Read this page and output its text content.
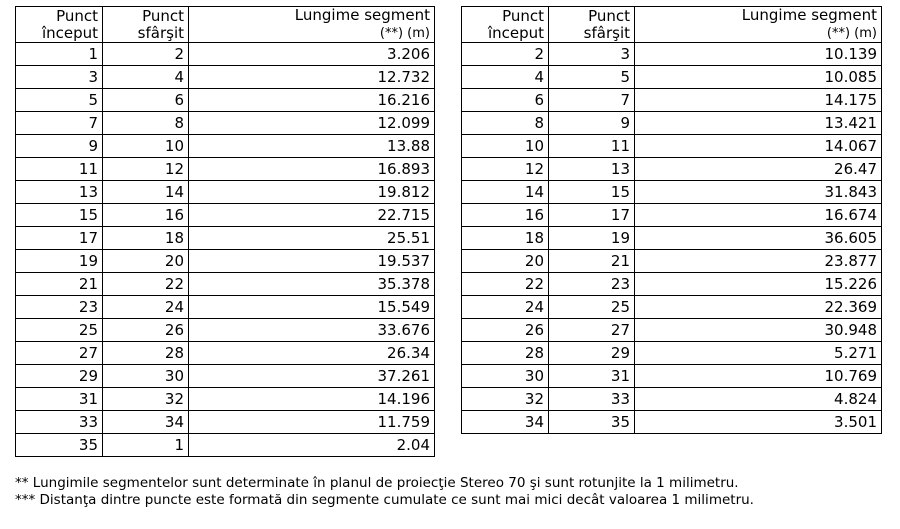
Punct
început	Punct
sfârşit	Lungime segment
(**) (m)
1	2	3.206
3	4	12.732
5	6	16.216
7	8	12.099
9	10	13.88
11	12	16.893
13	14	19.812
15	16	22.715
17	18	25.51
19	20	19.537
21	22	35.378
23	24	15.549
25	26	33.676
27	28	26.34
29	30	37.261
31	32	14.196
33	34	11.759
35	1	2.04
Punct
început	Punct
sfârşit	Lungime segment
(**) (m)
2	3	10.139
4	5	10.085
6	7	14.175
8	9	13.421
10	11	14.067
12	13	26.47
14	15	31.843
16	17	16.674
18	19	36.605
20	21	23.877
22	23	15.226
24	25	22.369
26	27	30.948
28	29	5.271
30	31	10.769
32	33	4.824
34	35	3.501
** Lungimile segmentelor sunt determinate în planul de proiecţie Stereo 70 şi sunt rotunjite la 1 milimetru.
*** Distanţa dintre puncte este formată din segmente cumulate ce sunt mai mici decât valoarea 1 milimetru.
